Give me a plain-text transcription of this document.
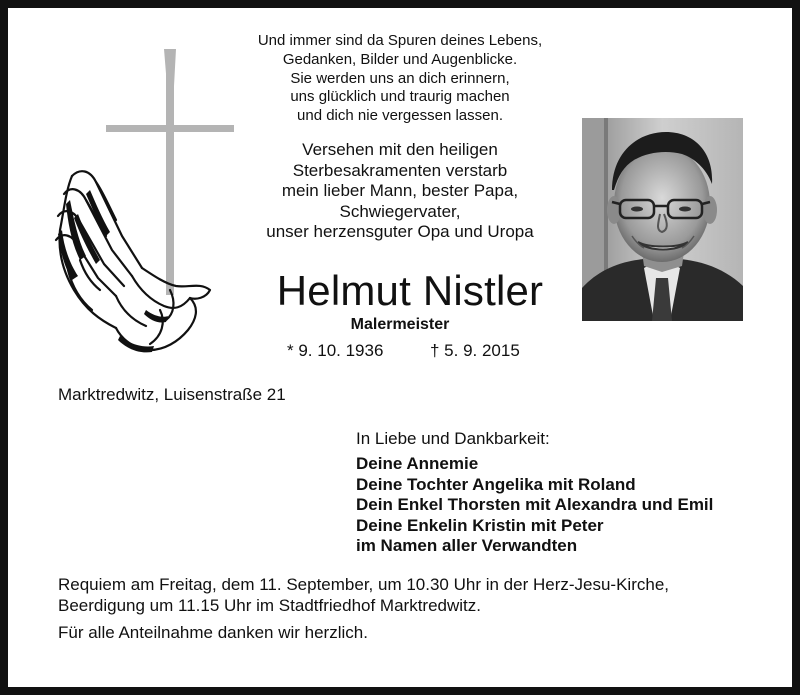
Und immer sind da Spuren deines Lebens,
Gedanken, Bilder und Augenblicke.
Sie werden uns an dich erinnern,
uns glücklich und traurig machen
und dich nie vergessen lassen.
Versehen mit den heiligen
Sterbesakramenten verstarb
mein lieber Mann, bester Papa,
Schwiegervater,
unser herzensguter Opa und Uropa
Helmut Nistler
Malermeister
* 9. 10. 1936	† 5. 9. 2015
Marktredwitz, Luisenstraße 21
In Liebe und Dankbarkeit:
Deine Annemie
Deine Tochter Angelika mit Roland
Dein Enkel Thorsten mit Alexandra und Emil
Deine Enkelin Kristin mit Peter
im Namen aller Verwandten
Requiem am Freitag, dem 11. September, um 10.30 Uhr in der Herz-Jesu-Kirche,
Beerdigung um 11.15 Uhr im Stadtfriedhof Marktredwitz.
Für alle Anteilnahme danken wir herzlich.
